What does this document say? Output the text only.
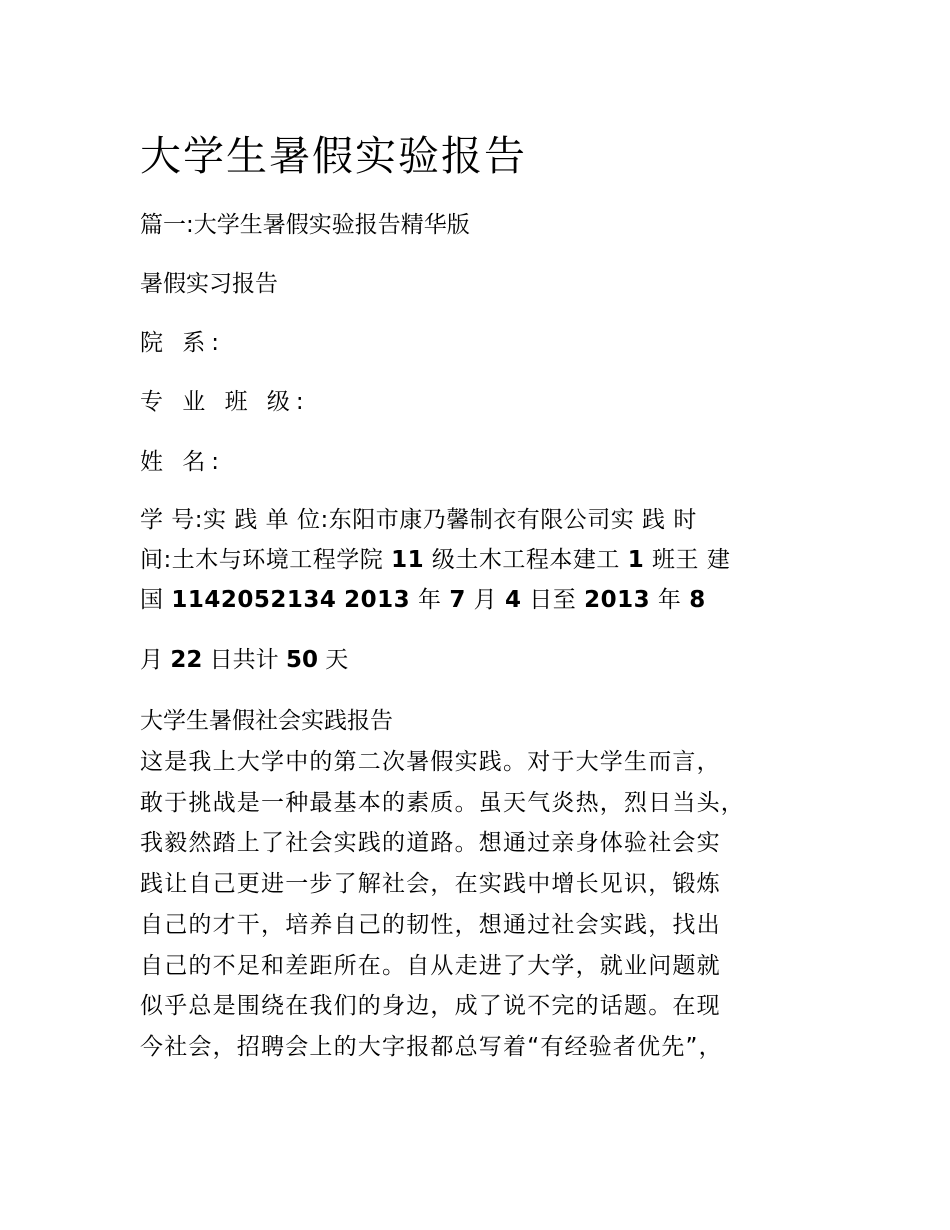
大学生暑假实验报告

篇一:大学生暑假实验报告精华版

暑假实习报告

院 系:

专 业 班 级:

姓 名:

学 号:实 践 单 位:东阳市康乃馨制衣有限公司实 践 时
间:土木与环境工程学院 11 级土木工程本建工 1 班王 建
国 1142052134 2013 年 7 月 4 日至 2013 年 8

月 22 日共计 50 天

大学生暑假社会实践报告

这是我上大学中的第二次暑假实践。对于大学生而言，
敢于挑战是一种最基本的素质。虽天气炎热，烈日当头，
我毅然踏上了社会实践的道路。想通过亲身体验社会实
践让自己更进一步了解社会，在实践中增长见识，锻炼
自己的才干，培养自己的韧性，想通过社会实践，找出
自己的不足和差距所在。自从走进了大学，就业问题就
似乎总是围绕在我们的身边，成了说不完的话题。在现
今社会，招聘会上的大字报都总写着“有经验者优先”，
